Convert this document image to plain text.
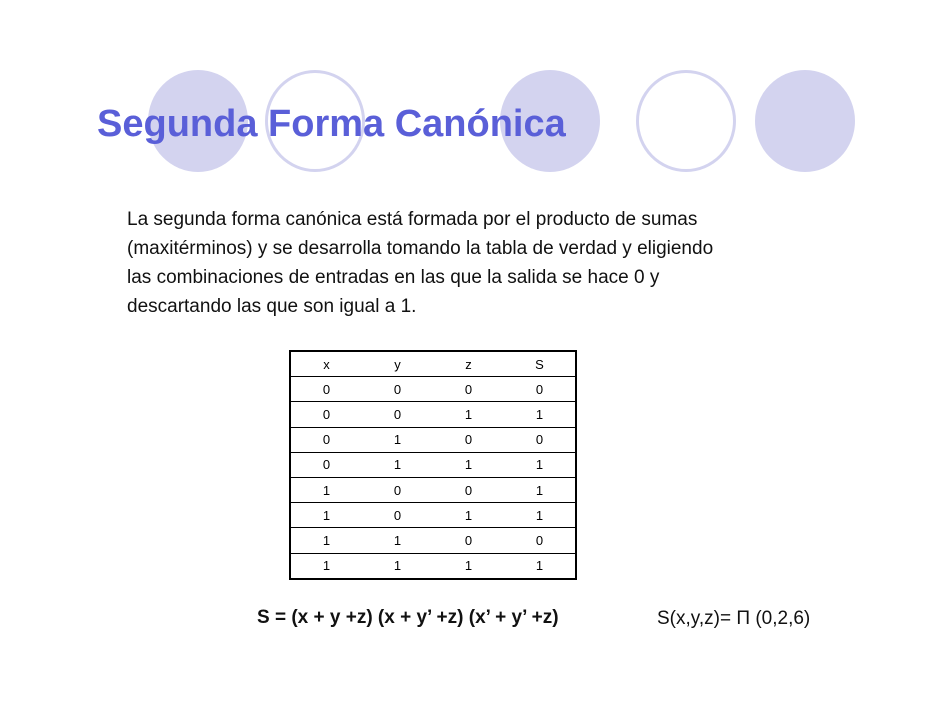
Segunda Forma Canónica
La segunda forma canónica está formada por el producto de sumas
(maxitérminos) y se desarrolla tomando la tabla de verdad y eligiendo
las combinaciones de entradas en las que la salida se hace 0 y
descartando las que son igual a 1.
x	y	z	S
0	0	0	0
0	0	1	1
0	1	0	0
0	1	1	1
1	0	0	1
1	0	1	1
1	1	0	0
1	1	1	1
S = (x + y +z) (x + y’ +z) (x’ + y’ +z)	S(x,y,z)= Π (0,2,6)
